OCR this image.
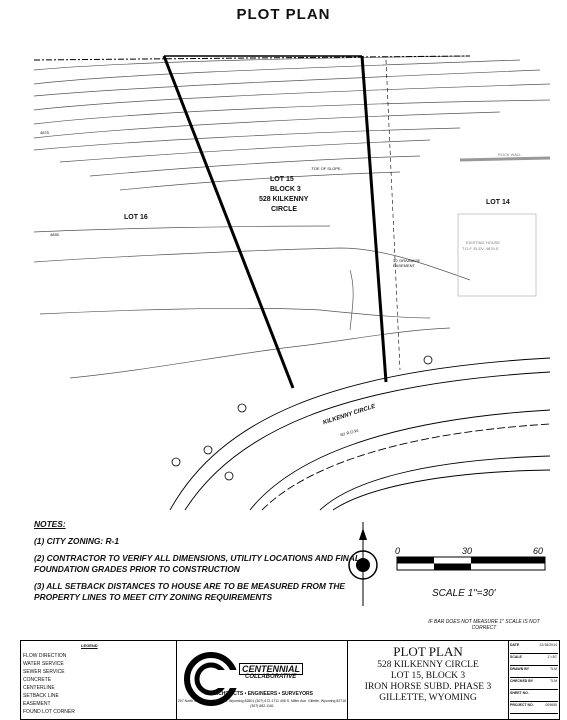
PLOT PLAN
LOT 15
BLOCK 3
528 KILKENNY
CIRCLE
LOT 16
LOT 14
-TOE OF SLOPE-
30' DRAINAGE EASEMENT
ROCK WALL
EXISTING HOUSE
T.O.F. ELEV. 4879.5'
KILKENNY CIRCLE
60' R.O.W.
4875
4855
NOTES:
(1) CITY ZONING: R-1
(2) CONTRACTOR TO VERIFY ALL DIMENSIONS, UTILITY LOCATIONS AND FINAL FOUNDATION GRADES PRIOR TO CONSTRUCTION
(3) ALL SETBACK DISTANCES TO HOUSE ARE TO BE MEASURED FROM THE PROPERTY LINES TO MEET CITY ZONING REQUIREMENTS
0	30	60
SCALE 1"=30'
IF BAR DOES NOT MEASURE 1" SCALE IS NOT CORRECT
LEGEND
FLOW DIRECTION
WATER SERVICE
SEWER SERVICE
CONCRETE
CENTERLINE
SETBACK LINE
EASEMENT
FOUND LOT CORNER
CENTENNIAL
COLLABORATIVE
ARCHITECTS • ENGINEERS • SURVEYORS
207 North Main Street Sheridan, Wyoming 82801 (307) 672-1711 408 S. Miller Ave. Gillette, Wyoming 82716 (307) 682-1161
PLOT PLAN
528 KILKENNY CIRCLE
LOT 15, BLOCK 3
IRON HORSE SUBD. PHASE 3
GILLETTE, WYOMING
DATE	12/18/2014
SCALE	1"=30'
DRAWN BY	TLM
CHECKED BY	TLM
SHEET NO.
PROJECT NO.	009655
